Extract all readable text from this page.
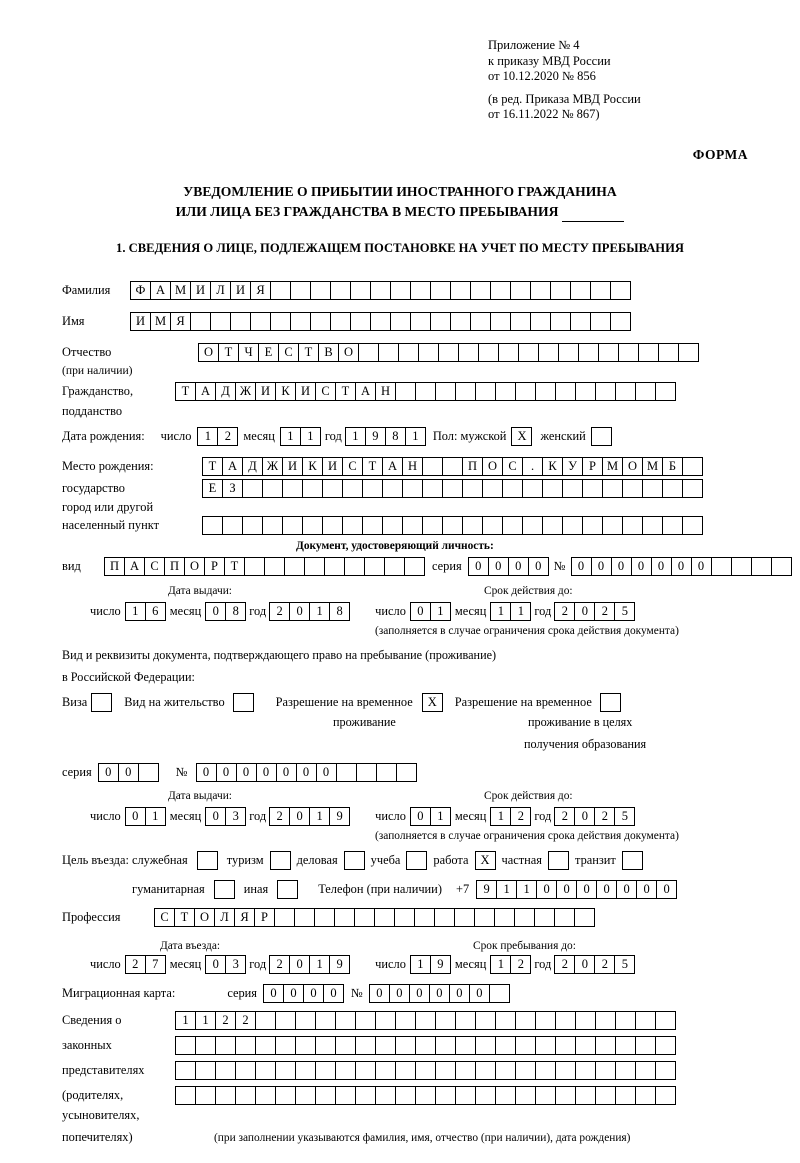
Приложение № 4
к приказу МВД России
от 10.12.2020 № 856
(в ред. Приказа МВД России
от 16.11.2022 № 867)
ФОРМА
УВЕДОМЛЕНИЕ О ПРИБЫТИИ ИНОСТРАННОГО ГРАЖДАНИНА
ИЛИ ЛИЦА БЕЗ ГРАЖДАНСТВА В МЕСТО ПРЕБЫВАНИЯ
1. СВЕДЕНИЯ О ЛИЦЕ, ПОДЛЕЖАЩЕМ ПОСТАНОВКЕ НА УЧЕТ ПО МЕСТУ ПРЕБЫВАНИЯ
Фамилия	Ф А М И Л И Я
Имя	И М Я
Отчество	О Т Ч Е С Т В О
(при наличии)
Гражданство,	Т А Д Ж И К И С Т А Н
подданство
Дата рождения: число	1	2 месяц 1	1 год 1	9	8	1	Пол: мужской X	женский
Место рождения:	Т А Д Ж И К И С Т А Н	П О С	.	К У Р М О М Б
государство	Е	З
город или другой
населенный пункт
Документ, удостоверяющий личность:
вид	П А С П О Р	Т	серия	0	0	0	0 № 0	0	0	0	0	0	0
Дата выдачи:	Срок действия до:
число 1	6 месяц 0	8 год 2	0	1	8	число 0	1 месяц 1	1 год 2	0	2	5
(заполняется в случае ограничения срока действия документа)
Вид и реквизиты документа, подтверждающего право на пребывание (проживание)
в Российской Федерации:
Виза	Вид на жительство	Разрешение на временное	X	Разрешение на временное
проживание	проживание в целях
получения образования
серия	0	0	№	0	0	0	0	0	0	0
Дата выдачи:	Срок действия до:
число 0	1 месяц 0	3 год 2	0	1	9	число 0	1 месяц 1	2 год 2	0	2	5
(заполняется в случае ограничения срока действия документа)
Цель въезда: служебная	туризм	деловая	учеба	работа X частная	транзит
гуманитарная	иная	Телефон (при наличии) +7	9	1	1	0	0	0	0	0	0	0
Профессия	С Т О Л Я Р
Дата въезда:	Срок пребывания до:
число 2	7 месяц 0	3 год 2	0	1	9	число 1	9 месяц 1	2 год 2	0	2	5
Миграционная карта:	серия	0	0	0	0	№	0	0	0	0	0	0
Сведения о	1	1	2	2
законных
представителях
(родителях,
усыновителях,
попечителях)	(при заполнении указываются фамилия, имя, отчество (при наличии), дата рождения)
